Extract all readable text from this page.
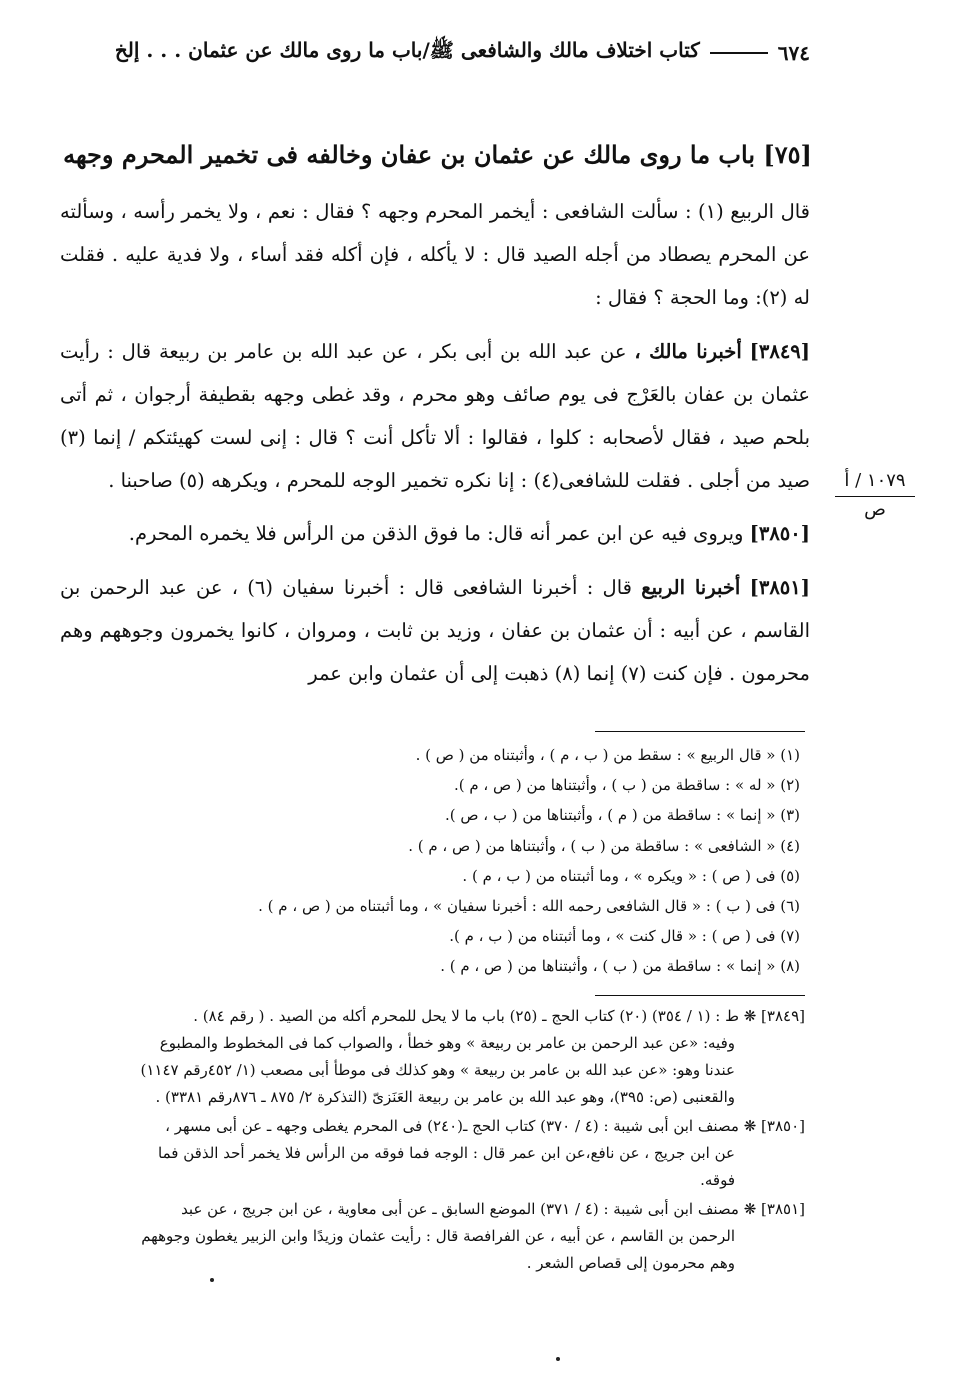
٦٧٤
كتاب اختلاف مالك والشافعى ﷺ/باب ما روى مالك عن عثمان . . . إلخ
[٧٥] باب ما روى مالك عن عثمان بن عفان وخالفه فى تخمير المحرم وجهه

قال الربيع (١) : سألت الشافعى : أيخمر المحرم وجهه ؟ فقال : نعم ، ولا يخمر رأسه ، وسألته عن المحرم يصطاد من أجله الصيد قال : لا يأكله ، فإن أكله فقد أساء ، ولا فدية عليه . فقلت له (٢): وما الحجة ؟ فقال :

[٣٨٤٩] أخبرنا مالك ، عن عبد الله بن أبى بكر ، عن عبد الله بن عامر بن ربيعة قال : رأيت عثمان بن عفان بالعَرْج فى يوم صائف وهو محرم ، وقد غطى وجهه بقطيفة أرجوان ، ثم أتى بلحم صيد ، فقال لأصحابه : كلوا ، فقالوا : ألا تأكل أنت ؟ قال : إنى لست كهيئتكم / إنما (٣) صيد من أجلى . فقلت للشافعى(٤) : إنا نكره تخمير الوجه للمحرم ، ويكرهه (٥) صاحبنا .

[٣٨٥٠] ويروى فيه عن ابن عمر أنه قال: ما فوق الذقن من الرأس فلا يخمره المحرم.

[٣٨٥١] أخبرنا الربيع قال : أخبرنا الشافعى قال : أخبرنا سفيان (٦) ، عن عبد الرحمن بن القاسم ، عن أبيه : أن عثمان بن عفان ، وزيد بن ثابت ، ومروان ، كانوا يخمرون وجوههم وهم محرمون . فإن كنت (٧) إنما (٨) ذهبت إلى أن عثمان وابن عمر

١٠٧٩ / أ
ص
(١) « قال الربيع » : سقط من ( ب ، م ) ، وأثبتناه من ( ص ) .
(٢) « له » : ساقطة من ( ب ) ، وأثبتناها من ( ص ، م ).
(٣) « إنما » : ساقطة من ( م ) ، وأثبتناها من ( ب ، ص ).
(٤) « الشافعى » : ساقطة من ( ب ) ، وأثبتناها من ( ص ، م ) .
(٥) فى ( ص ) : « ويكره » ، وما أثبتناه من ( ب ، م ) .
(٦) فى ( ب ) : « قال الشافعى رحمه الله : أخبرنا سفيان » ، وما أثبتناه من ( ص ، م ) .
(٧) فى ( ص ) : « قال كنت » ، وما أثبتناه من ( ب ، م ).
(٨) « إنما » : ساقطة من ( ب ) ، وأثبتناها من ( ص ، م ) .
[٣٨٤٩] ❋ ط : (١ / ٣٥٤) (٢٠) كتاب الحج ـ (٢٥) باب ما لا يحل للمحرم أكله من الصيد . ( رقم ٨٤) .
وفيه: «عن عبد الرحمن بن عامر بن ربيعة » وهو خطأ ، والصواب كما فى المخطوط والمطبوع
عندنا وهو: «عن عبد الله بن عامر بن ربيعة » وهو كذلك فى موطأ أبى مصعب (١/ ٤٥٢رقم ١١٤٧)
والقعنبى (ص: ٣٩٥)، وهو عبد الله بن عامر بن ربيعة العَنَزىّ (التذكرة ٢/ ٨٧٥ ـ ٨٧٦رقم ٣٣٨١) .
[٣٨٥٠] ❋ مصنف ابن أبى شيبة : (٤ / ٣٧٠) كتاب الحج ـ(٢٤٠) فى المحرم يغطى وجهه ـ عن أبى مسهر ،
عن ابن جريج ، عن نافع،عن ابن عمر قال : الوجه فما فوقه من الرأس فلا يخمر أحد الذقن فما
فوقه.
[٣٨٥١] ❋ مصنف ابن أبى شيبة : (٤ / ٣٧١) الموضع السابق ـ عن أبى معاوية ، عن ابن جريج ، عن عبد
الرحمن بن القاسم ، عن أبيه ، عن الفرافصة قال : رأيت عثمان وزيدًا وابن الزبير يغطون وجوههم
وهم محرمون إلى قصاص الشعر .
